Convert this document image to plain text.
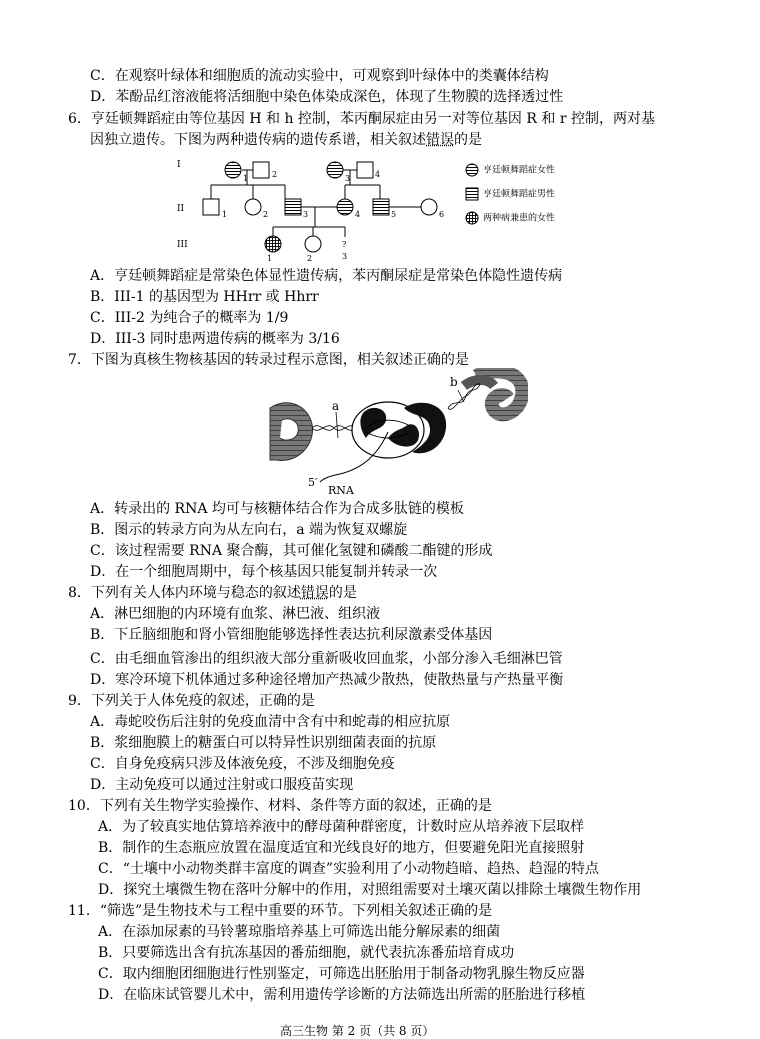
C．在观察叶绿体和细胞质的流动实验中，可观察到叶绿体中的类囊体结构
D．苯酚品红溶液能将活细胞中染色体染成深色，体现了生物膜的选择透过性
6．亨廷顿舞蹈症由等位基因 H 和 h 控制，苯丙酮尿症由另一对等位基因 R 和 r 控制，两对基
因独立遗传。下图为两种遗传病的遗传系谱，相关叙述错误的是
I
II
III
1	2	3	4
1	2	3	4	5	6
1	2
?
3
亨廷顿舞蹈症女性
亨廷顿舞蹈症男性
两种病兼患的女性
A．亨廷顿舞蹈症是常染色体显性遗传病，苯丙酮尿症是常染色体隐性遗传病
B．III-1 的基因型为 HHrr 或 Hhrr
C．III-2 为纯合子的概率为 1/9
D．III-3 同时患两遗传病的概率为 3/16
7．下图为真核生物核基因的转录过程示意图，相关叙述正确的是
a
b
5′
RNA
A．转录出的 RNA 均可与核糖体结合作为合成多肽链的模板
B．图示的转录方向为从左向右，a 端为恢复双螺旋
C．该过程需要 RNA 聚合酶，其可催化氢键和磷酸二酯键的形成
D．在一个细胞周期中，每个核基因只能复制并转录一次
8．下列有关人体内环境与稳态的叙述错误的是
A．淋巴细胞的内环境有血浆、淋巴液、组织液
B．下丘脑细胞和肾小管细胞能够选择性表达抗利尿激素受体基因
C．由毛细血管渗出的组织液大部分重新吸收回血浆，小部分渗入毛细淋巴管
D．寒冷环境下机体通过多种途径增加产热减少散热，使散热量与产热量平衡
9．下列关于人体免疫的叙述，正确的是
A．毒蛇咬伤后注射的免疫血清中含有中和蛇毒的相应抗原
B．浆细胞膜上的糖蛋白可以特异性识别细菌表面的抗原
C．自身免疫病只涉及体液免疫，不涉及细胞免疫
D．主动免疫可以通过注射或口服疫苗实现
10．下列有关生物学实验操作、材料、条件等方面的叙述，正确的是
A．为了较真实地估算培养液中的酵母菌种群密度，计数时应从培养液下层取样
B．制作的生态瓶应放置在温度适宜和光线良好的地方，但要避免阳光直接照射
C．“土壤中小动物类群丰富度的调查”实验利用了小动物趋暗、趋热、趋湿的特点
D．探究土壤微生物在落叶分解中的作用，对照组需要对土壤灭菌以排除土壤微生物作用
11．“筛选”是生物技术与工程中重要的环节。下列相关叙述正确的是
A．在添加尿素的马铃薯琼脂培养基上可筛选出能分解尿素的细菌
B．只要筛选出含有抗冻基因的番茄细胞，就代表抗冻番茄培育成功
C．取内细胞团细胞进行性别鉴定，可筛选出胚胎用于制备动物乳腺生物反应器
D．在临床试管婴儿术中，需利用遗传学诊断的方法筛选出所需的胚胎进行移植
高三生物 第 2 页（共 8 页）
